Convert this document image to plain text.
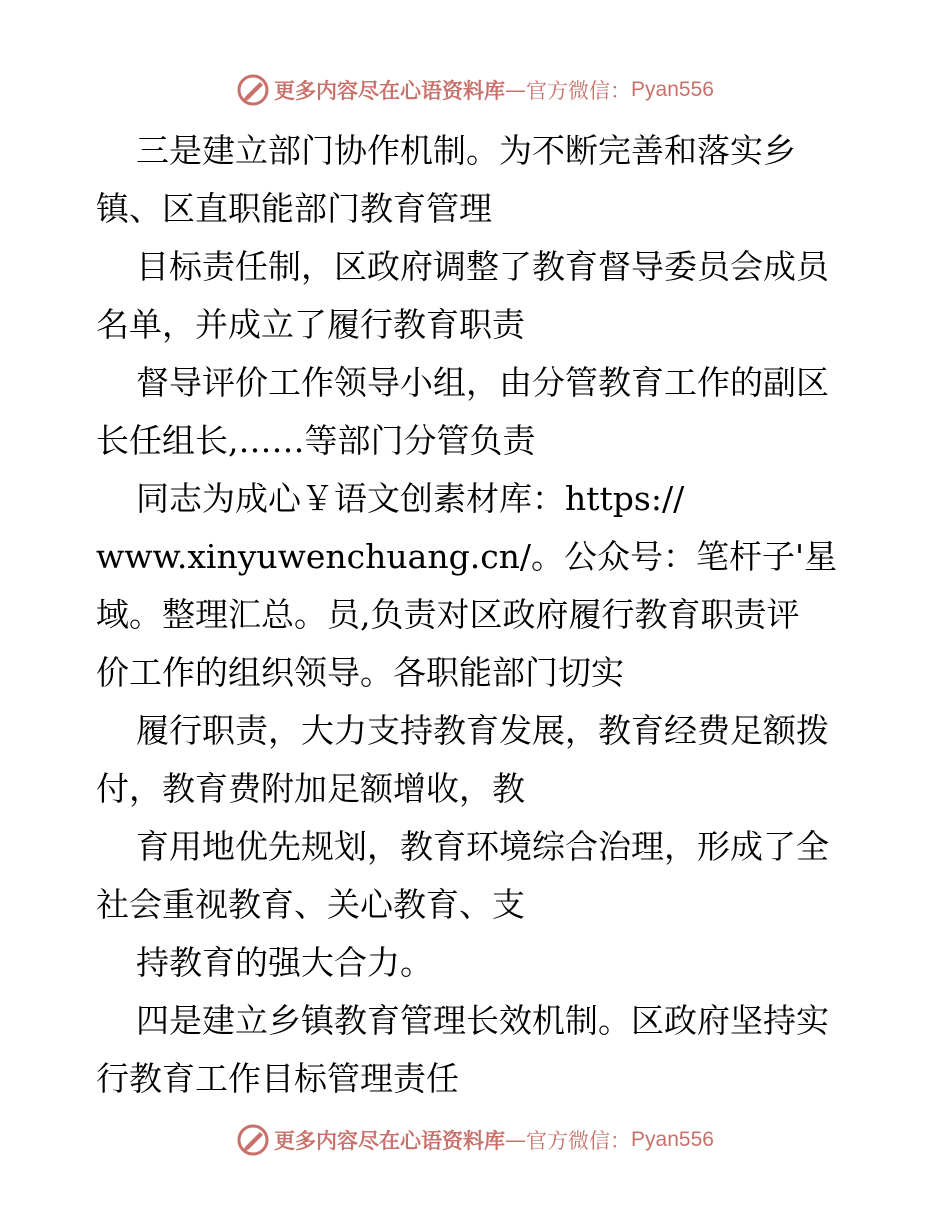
更多内容尽在心语资料库 — 官方微信： Pyan556
三是建立部门协作机制。为不断完善和落实乡
镇、区直职能部门教育管理
目标责任制，区政府调整了教育督导委员会成员
名单，并成立了履行教育职责
督导评价工作领导小组，由分管教育工作的副区
长任组长,……等部门分管负责
同志为成心￥语文创素材库：https://
www.xinyuwenchuang.cn/。公众号：笔杆子'星
域。整理汇总。员,负责对区政府履行教育职责评
价工作的组织领导。各职能部门切实
履行职责，大力支持教育发展，教育经费足额拨
付，教育费附加足额增收，教
育用地优先规划，教育环境综合治理，形成了全
社会重视教育、关心教育、支
持教育的强大合力。
四是建立乡镇教育管理长效机制。区政府坚持实
行教育工作目标管理责任
更多内容尽在心语资料库 — 官方微信： Pyan556
